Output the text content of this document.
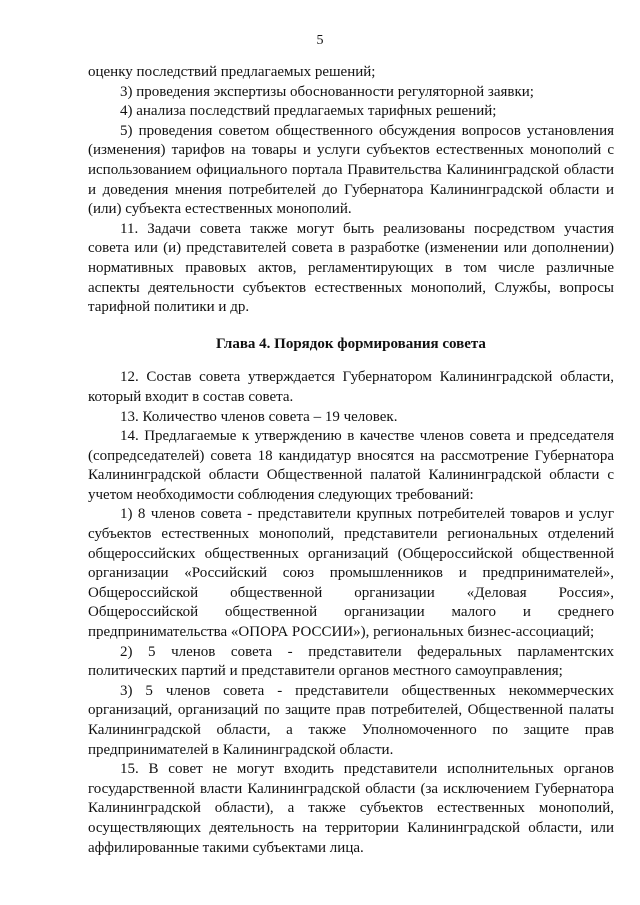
5

оценку последствий предлагаемых решений;

3) проведения экспертизы обоснованности регуляторной заявки;

4) анализа последствий предлагаемых тарифных решений;

5) проведения советом общественного обсуждения вопросов установления (изменения) тарифов на товары и услуги субъектов естественных монополий с использованием официального портала Правительства Калининградской области и доведения мнения потребителей до Губернатора Калининградской области и (или) субъекта естественных монополий.

11. Задачи совета также могут быть реализованы посредством участия совета или (и) представителей совета в разработке (изменении или дополнении) нормативных правовых актов, регламентирующих в том числе различные аспекты деятельности субъектов естественных монополий, Службы, вопросы тарифной политики и др.

Глава 4. Порядок формирования совета

12. Состав совета утверждается Губернатором Калининградской области, который входит в состав совета.

13. Количество членов совета – 19 человек.

14. Предлагаемые к утверждению в качестве членов совета и председателя (сопредседателей) совета 18 кандидатур вносятся на рассмотрение Губернатора Калининградской области Общественной палатой Калининградской области с учетом необходимости соблюдения следующих требований:

1) 8 членов совета - представители крупных потребителей товаров и услуг субъектов естественных монополий, представители региональных отделений общероссийских общественных организаций (Общероссийской общественной организации «Российский союз промышленников и предпринимателей», Общероссийской общественной организации «Деловая Россия», Общероссийской общественной организации малого и среднего предпринимательства «ОПОРА РОССИИ»), региональных бизнес-ассоциаций;

2) 5 членов совета - представители федеральных парламентских политических партий и представители органов местного самоуправления;

3) 5 членов совета - представители общественных некоммерческих организаций, организаций по защите прав потребителей, Общественной палаты Калининградской области, а также Уполномоченного по защите прав предпринимателей в Калининградской области.

15. В совет не могут входить представители исполнительных органов государственной власти Калининградской области (за исключением Губернатора Калининградской области), а также субъектов естественных монополий, осуществляющих деятельность на территории Калининградской области, или аффилированные такими субъектами лица.
